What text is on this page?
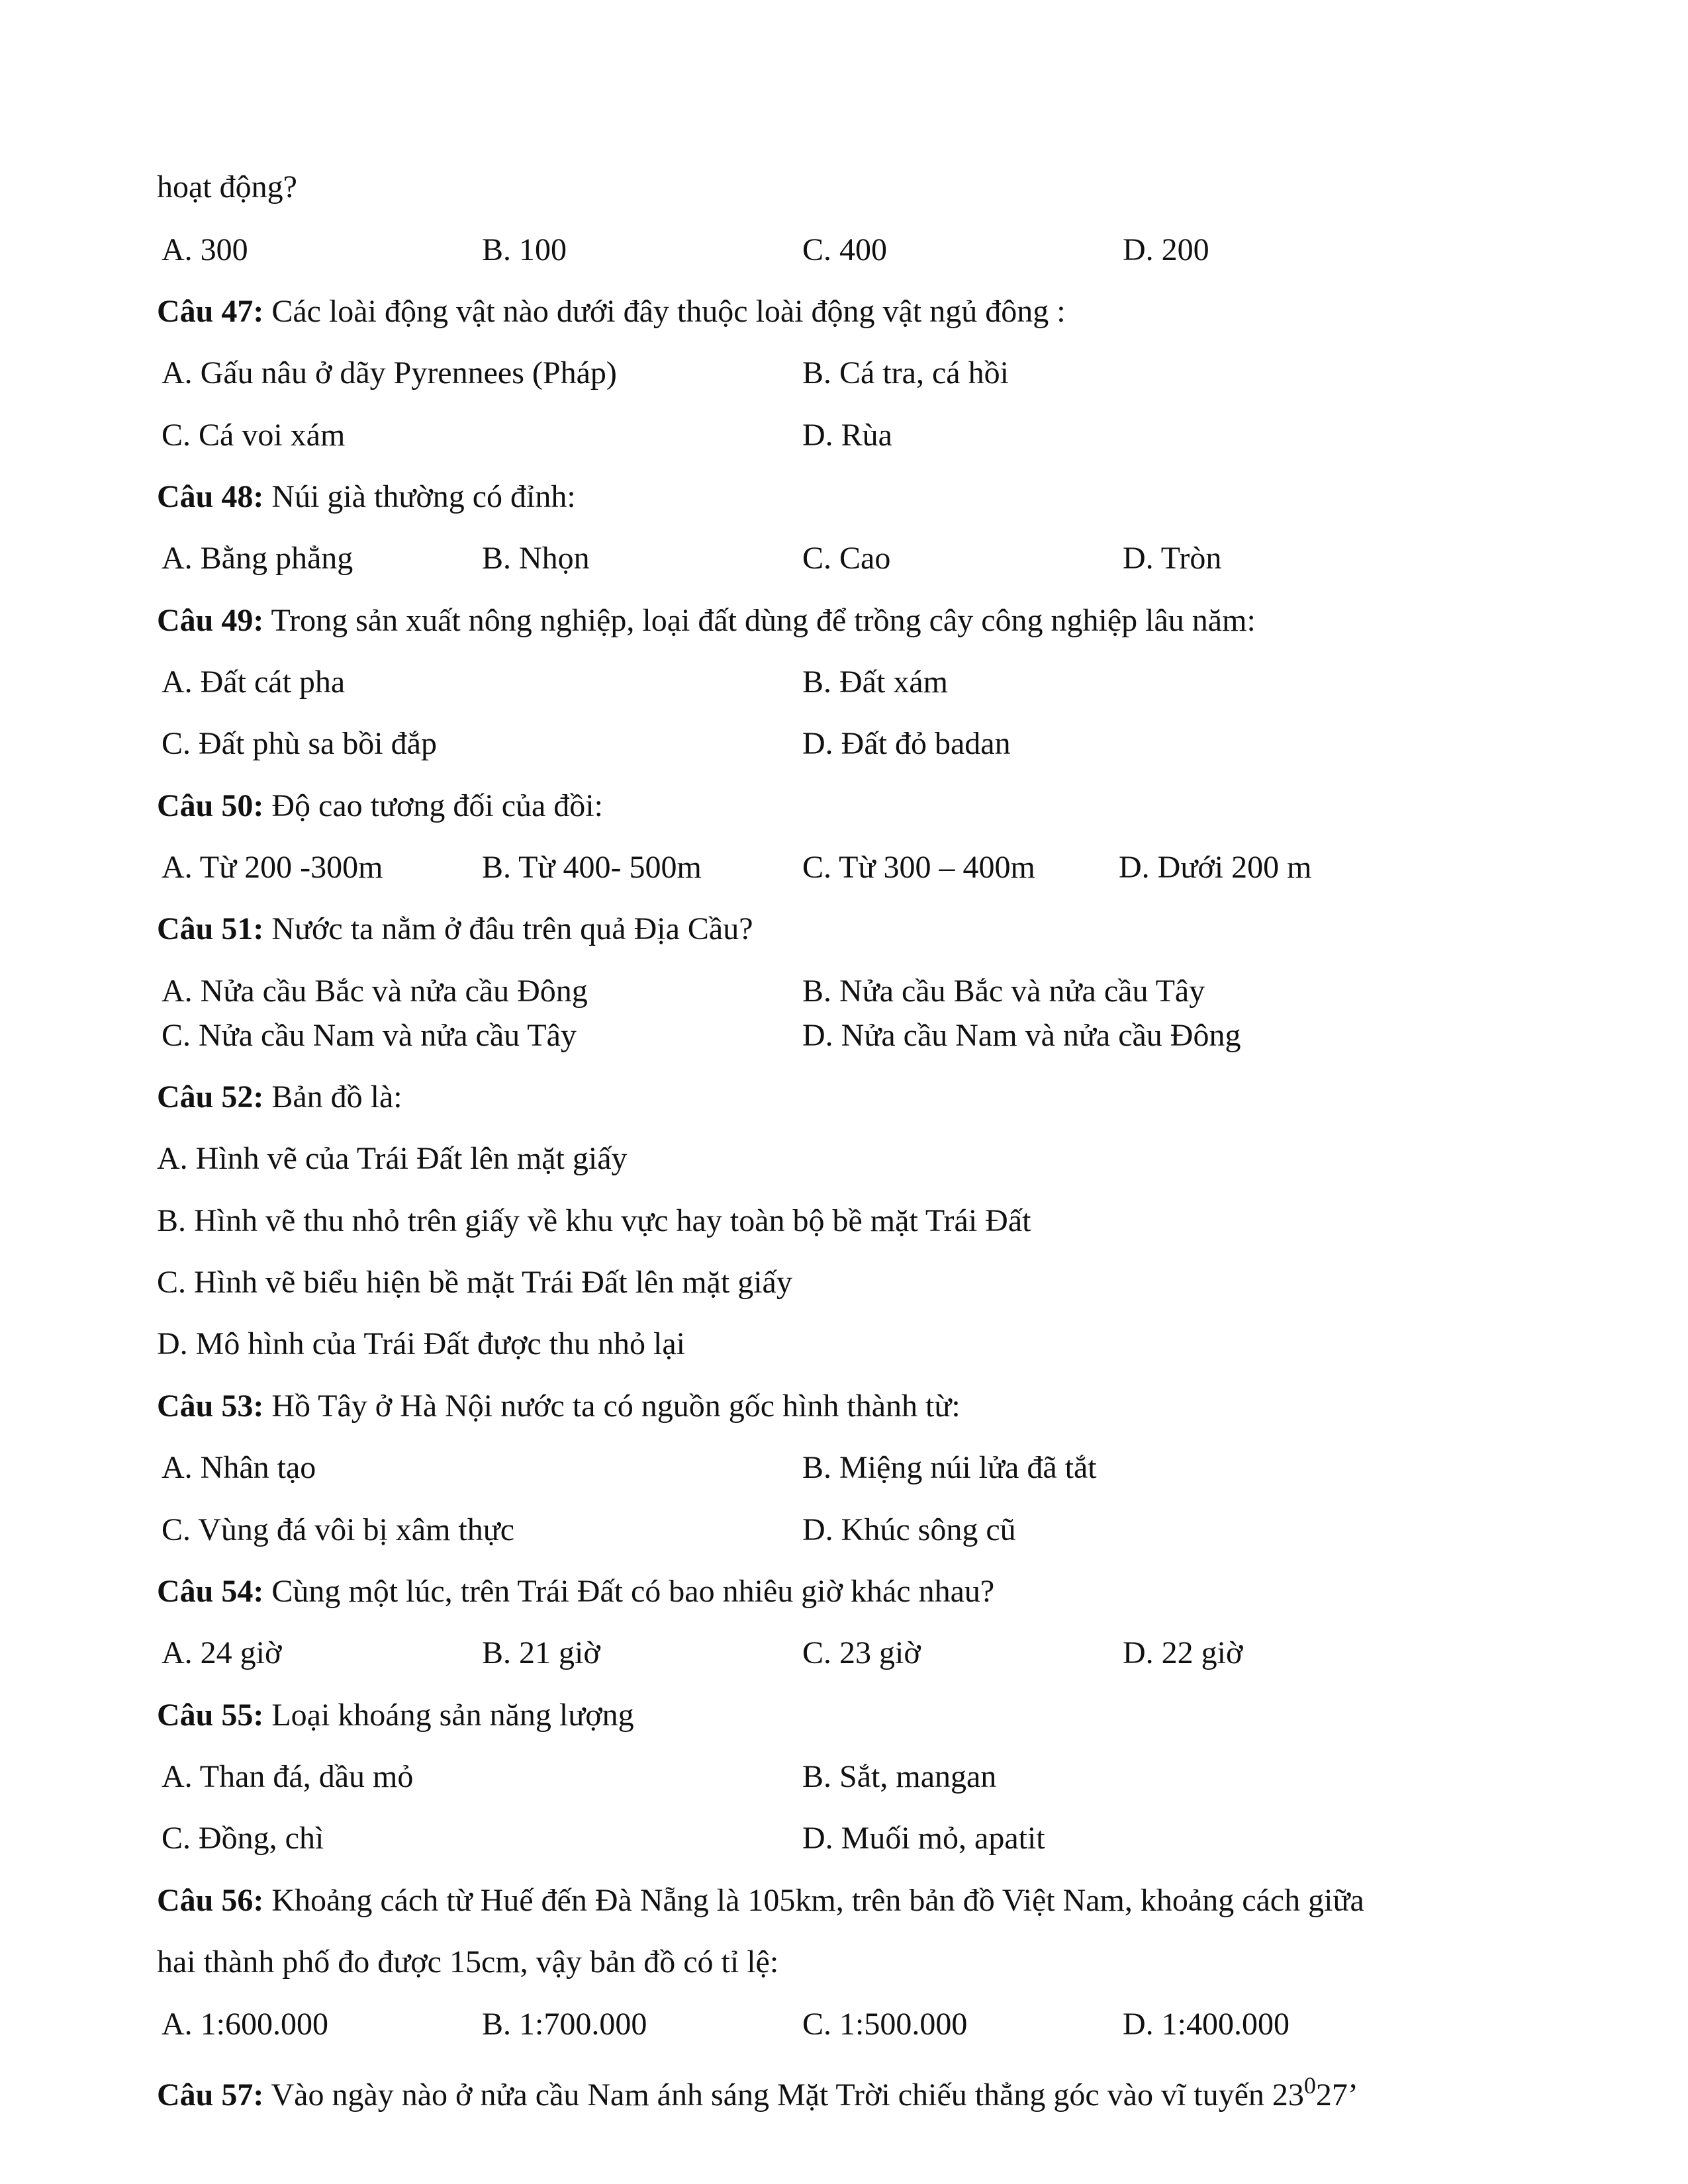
hoạt động?
A. 300	B. 100	C. 400	D. 200
Câu 47: Các loài động vật nào dưới đây thuộc loài động vật ngủ đông :
A. Gấu nâu ở dãy Pyrennees (Pháp)	B. Cá tra, cá hồi
C. Cá voi xám	D. Rùa
Câu 48: Núi già thường có đỉnh:
A. Bằng phẳng	B. Nhọn	C. Cao	D. Tròn
Câu 49: Trong sản xuất nông nghiệp, loại đất dùng để trồng cây công nghiệp lâu năm:
A. Đất cát pha	B. Đất xám
C. Đất phù sa bồi đắp	D. Đất đỏ badan
Câu 50: Độ cao tương đối của đồi:
A. Từ 200 -300m	B. Từ 400- 500m	C. Từ 300 – 400m	D. Dưới 200 m
Câu 51: Nước ta nằm ở đâu trên quả Địa Cầu?
A. Nửa cầu Bắc và nửa cầu Đông	B. Nửa cầu Bắc và nửa cầu Tây
C. Nửa cầu Nam và nửa cầu Tây	D. Nửa cầu Nam và nửa cầu Đông
Câu 52: Bản đồ là:
A. Hình vẽ của Trái Đất lên mặt giấy
B. Hình vẽ thu nhỏ trên giấy về khu vực hay toàn bộ bề mặt Trái Đất
C. Hình vẽ biểu hiện bề mặt Trái Đất lên mặt giấy
D. Mô hình của Trái Đất được thu nhỏ lại
Câu 53: Hồ Tây ở Hà Nội nước ta có nguồn gốc hình thành từ:
A. Nhân tạo	B. Miệng núi lửa đã tắt
C. Vùng đá vôi bị xâm thực	D. Khúc sông cũ
Câu 54: Cùng một lúc, trên Trái Đất có bao nhiêu giờ khác nhau?
A. 24 giờ	B. 21 giờ	C. 23 giờ	D. 22 giờ
Câu 55: Loại khoáng sản năng lượng
A. Than đá, dầu mỏ	B. Sắt, mangan
C. Đồng, chì	D. Muối mỏ, apatit
Câu 56: Khoảng cách từ Huế đến Đà Nẵng là 105km, trên bản đồ Việt Nam, khoảng cách giữa
hai thành phố đo được 15cm, vậy bản đồ có tỉ lệ:
A. 1:600.000	B. 1:700.000	C. 1:500.000	D. 1:400.000
Câu 57: Vào ngày nào ở nửa cầu Nam ánh sáng Mặt Trời chiếu thẳng góc vào vĩ tuyến $23^027$’
